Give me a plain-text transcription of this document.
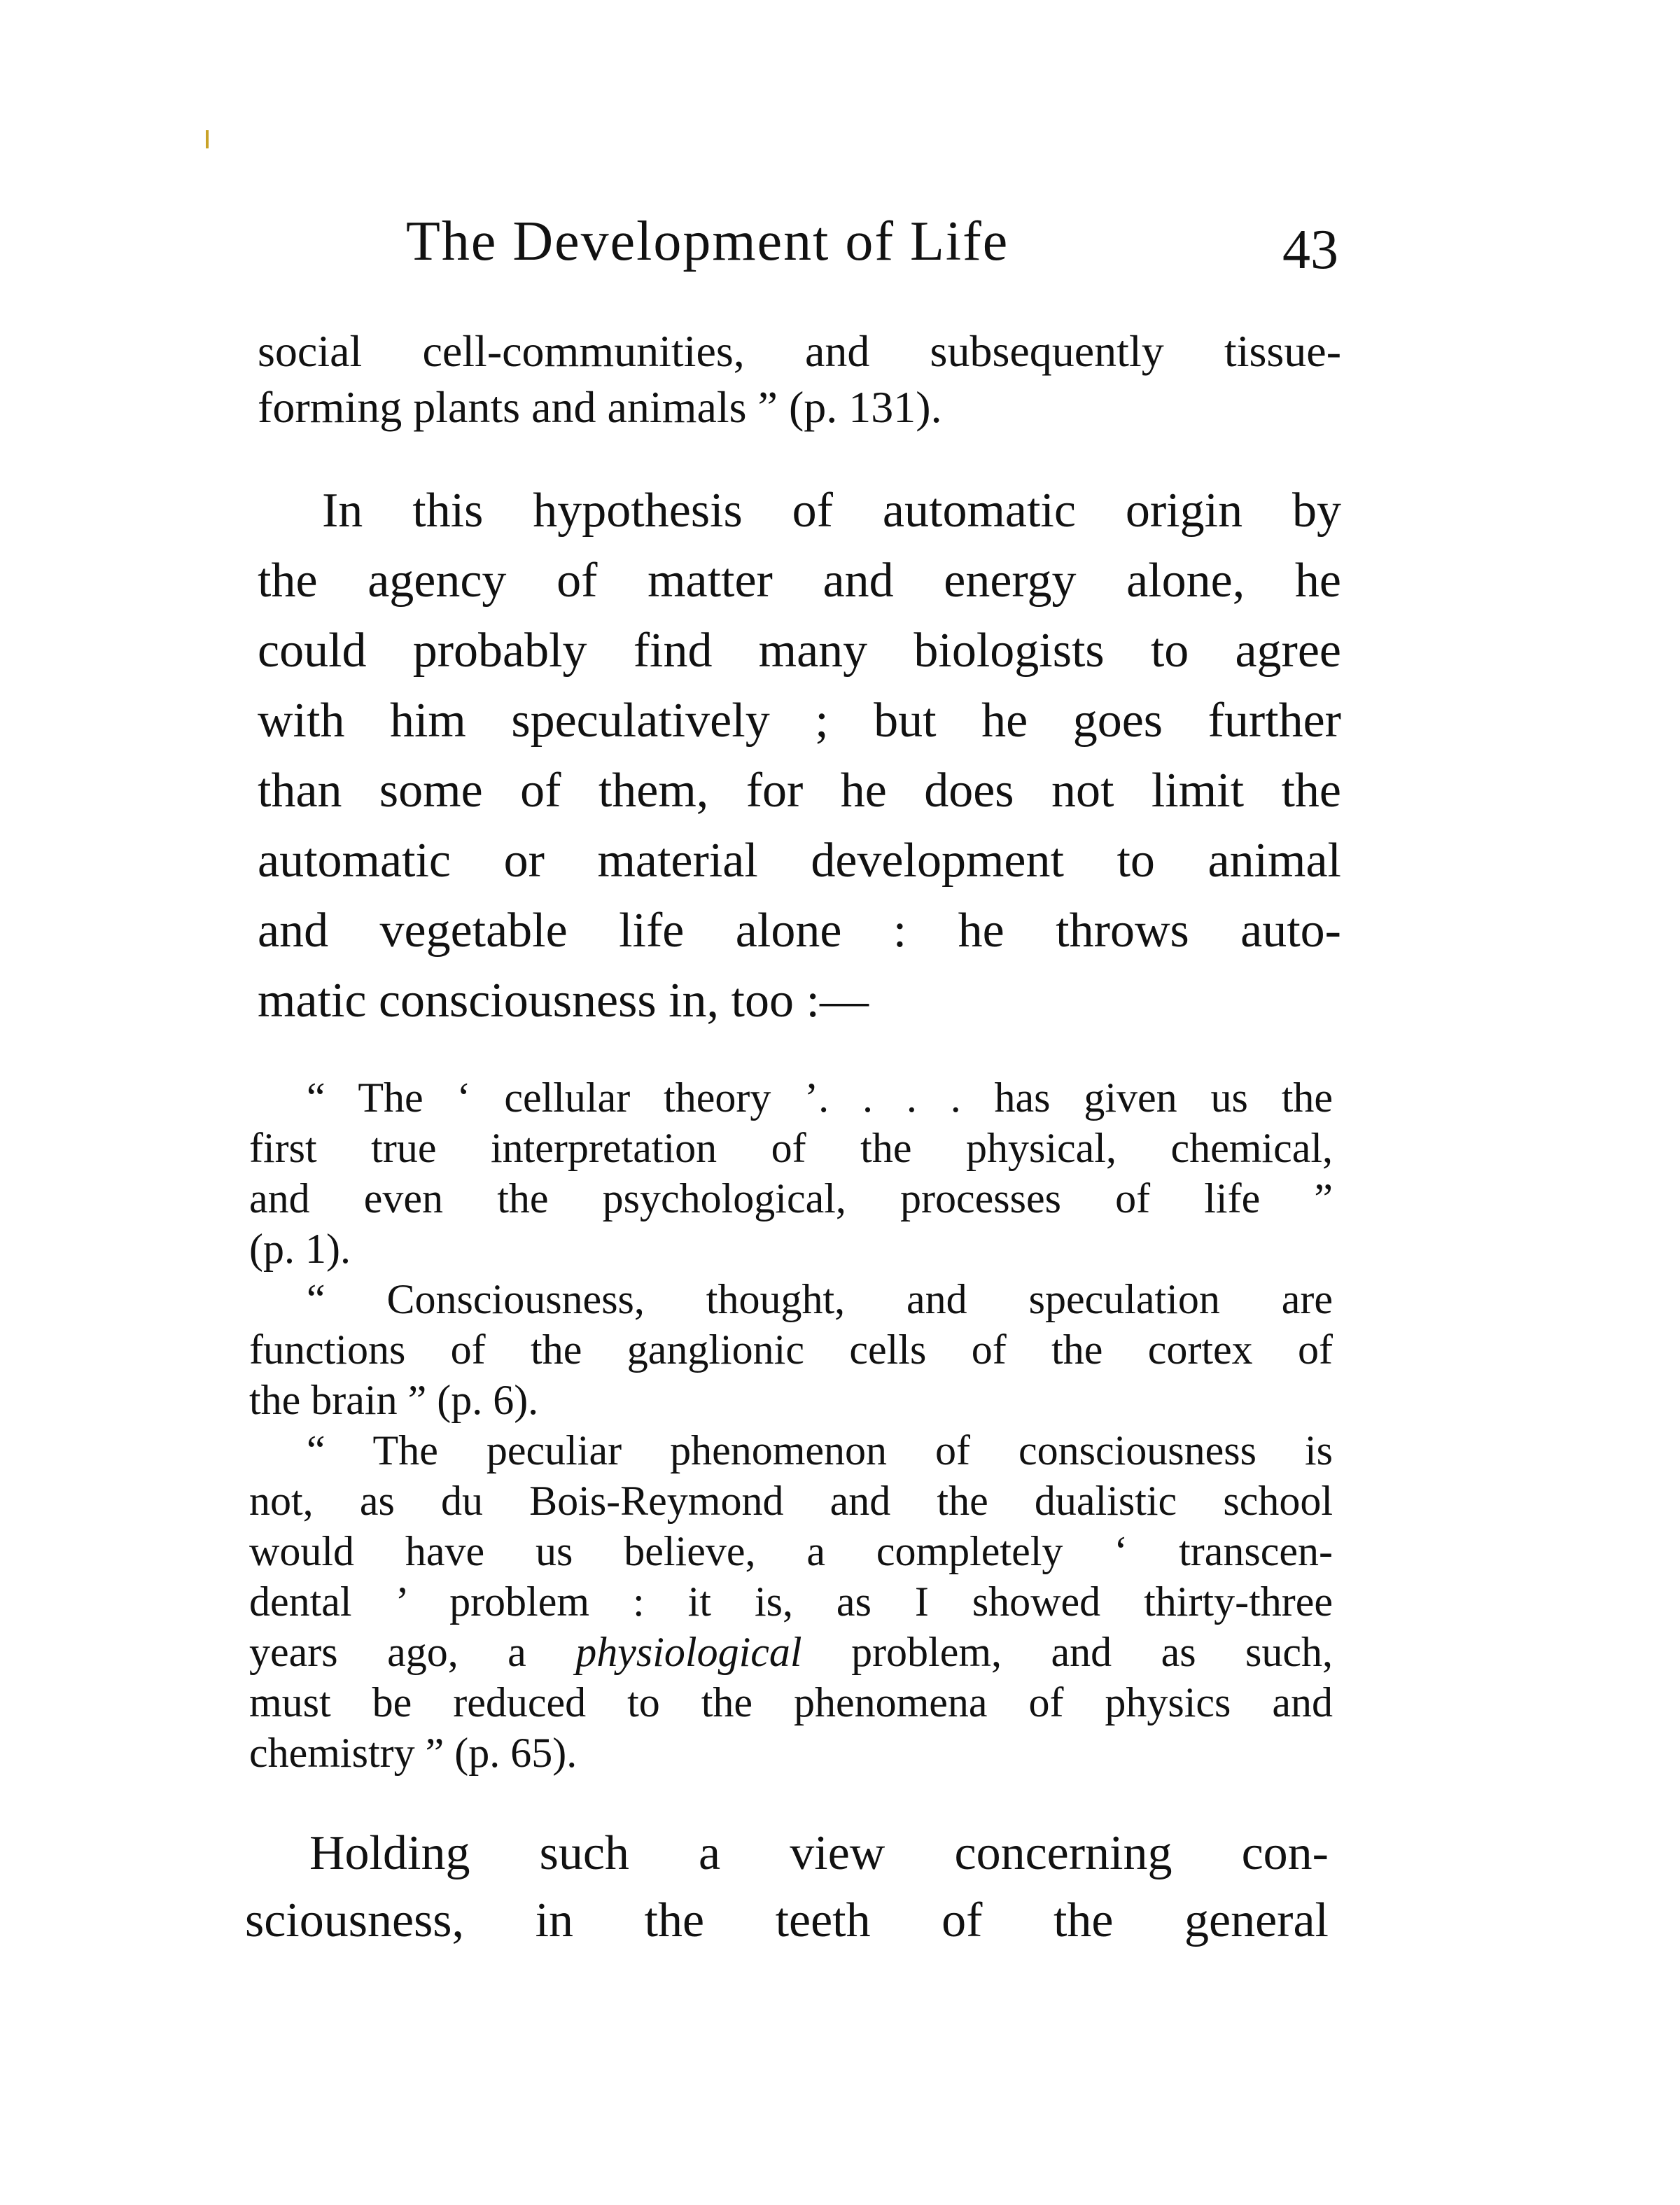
The Development of Life	43
social cell-communities, and subsequently tissue-
forming plants and animals ” (p. 131).
In this hypothesis of automatic origin by
the agency of matter and energy alone, he
could probably find many biologists to agree
with him speculatively ; but he goes further
than some of them, for he does not limit the
automatic or material development to animal
and vegetable life alone : he throws auto-
matic consciousness in, too :—
“ The ‘ cellular theory ’. . . . has given us the
first true interpretation of the physical, chemical,
and even the psychological, processes of life ”
(p. 1).
“ Consciousness, thought, and speculation are
functions of the ganglionic cells of the cortex of
the brain ” (p. 6).
“ The peculiar phenomenon of consciousness is
not, as du Bois-Reymond and the dualistic school
would have us believe, a completely ‘ transcen-
dental ’ problem : it is, as I showed thirty-three
years ago, a physiological problem, and as such,
must be reduced to the phenomena of physics and
chemistry ” (p. 65).
Holding such a view concerning con-
sciousness, in the teeth of the general
